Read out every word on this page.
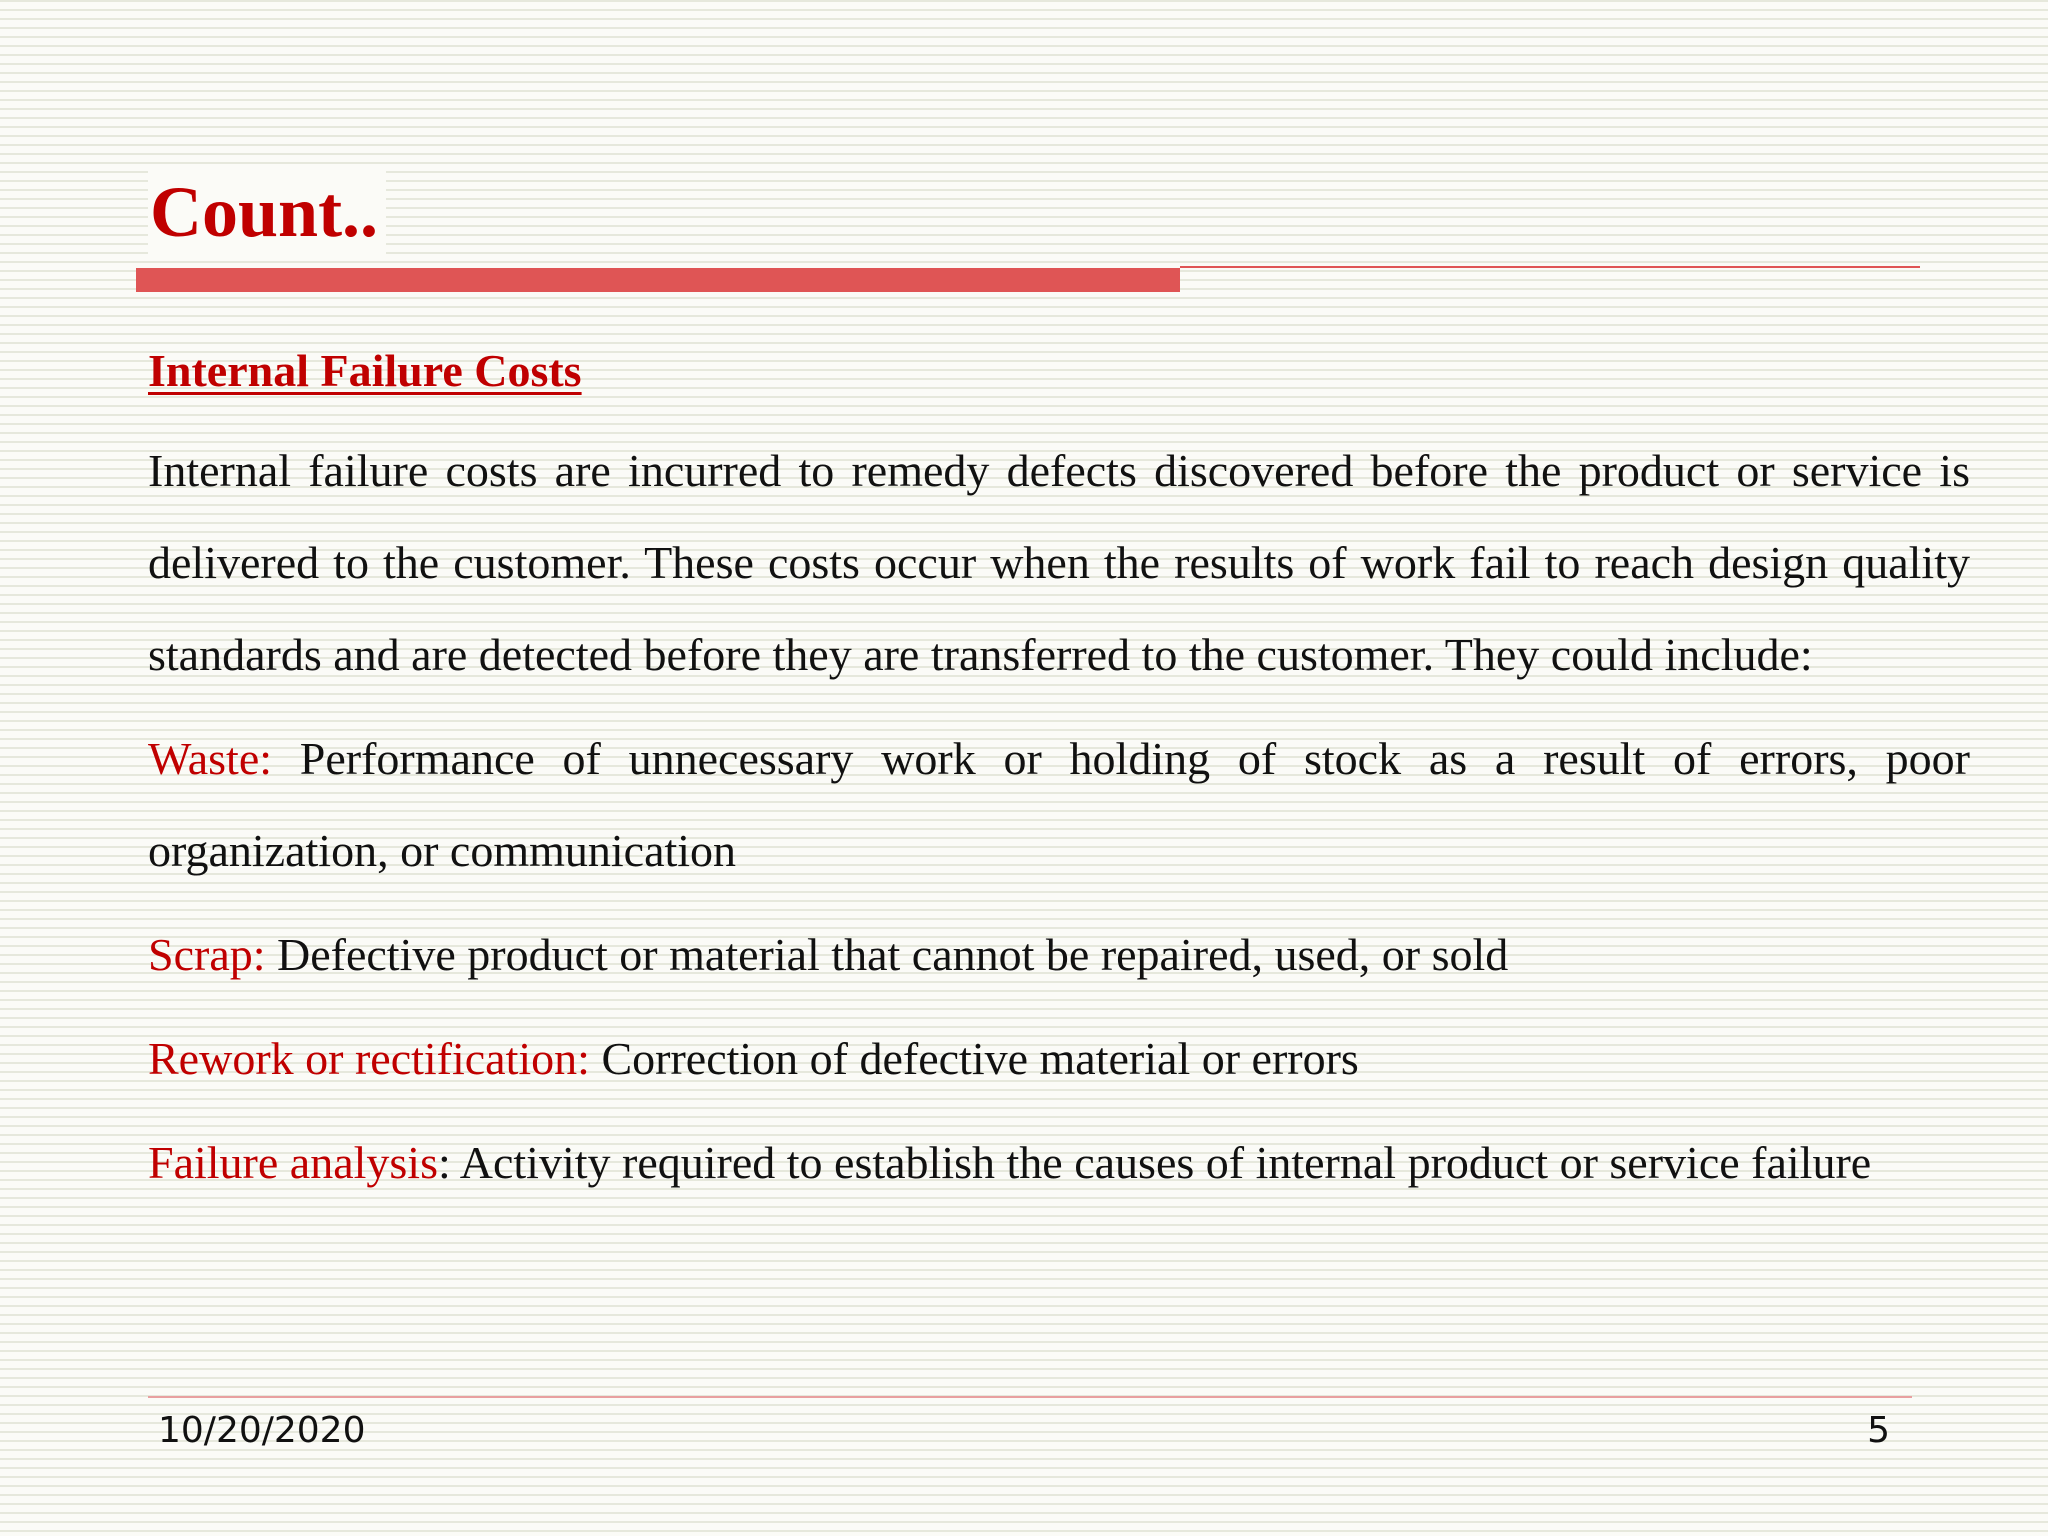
Count..

Internal Failure Costs

Internal failure costs are incurred to remedy defects discovered before the product or service is delivered to the customer. These costs occur when the results of work fail to reach design quality standards and are detected before they are transferred to the customer. They could include:

Waste: Performance of unnecessary work or holding of stock as a result of errors, poor organization, or communication

Scrap: Defective product or material that cannot be repaired, used, or sold

Rework or rectification: Correction of defective material or errors

Failure analysis: Activity required to establish the causes of internal product or service failure

10/20/2020	5
